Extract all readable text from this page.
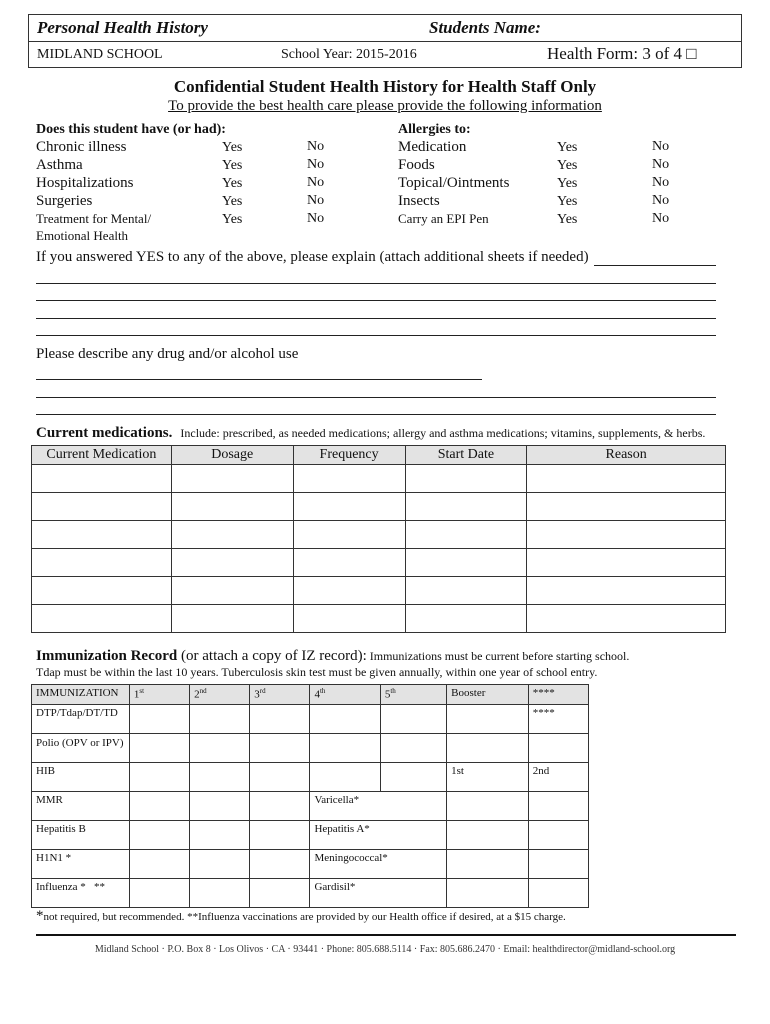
Personal Health History	Students Name:
MIDLAND SCHOOL	School Year: 2015-2016	Health Form: 3 of 4 □
Confidential Student Health History for Health Staff Only
To provide the best health care please provide the following information
Does this student have (or had):	Allergies to:
Chronic illness	Yes	No
Asthma	Yes	No
Hospitalizations	Yes	No
Surgeries	Yes	No
Treatment for Mental/
Emotional Health
Yes	No
Medication	Yes	No
Foods	Yes	No
Topical/Ointments	Yes	No
Insects	Yes	No
Carry an EPI Pen	Yes	No
If you answered YES to any of the above, please explain (attach additional sheets if needed)
Please describe any drug and/or alcohol use
Current medications. Include: prescribed, as needed medications; allergy and asthma medications; vitamins, supplements, & herbs.
Current Medication	Dosage	Frequency	Start Date	Reason

Immunization Record (or attach a copy of IZ record): Immunizations must be current before starting school.
Tdap must be within the last 10 years. Tuberculosis skin test must be given annually, within one year of school entry.
IMMUNIZATION	1st	2nd	3rd	4th	5th	Booster	****
DTP/Tdap/DT/TD							****
Polio (OPV or IPV)							
HIB						1st	2nd
MMR				Varicella*			
Hepatitis B				Hepatitis A*			
H1N1 *				Meningococcal*			
Influenza *   **				Gardisil*			
*not required, but recommended. **Influenza vaccinations are provided by our Health office if desired, at a $15 charge.
Midland School · P.O. Box 8 · Los Olivos · CA · 93441 · Phone: 805.688.5114 · Fax: 805.686.2470 · Email: healthdirector@midland-school.org
